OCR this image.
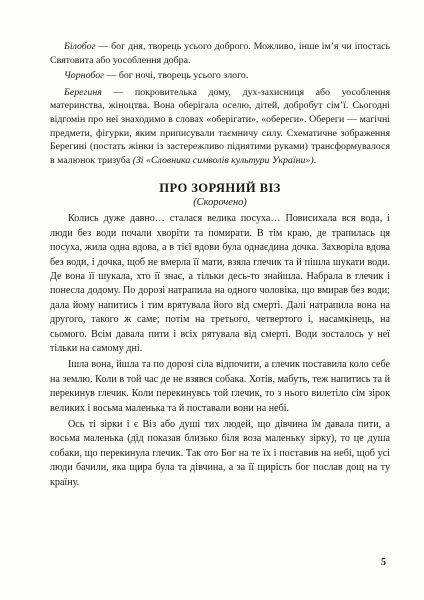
Білобог — бог дня, творець усього доброго. Можливо, інше ім’я чи іпостась Святовита або уособлення добра.

Чорнобог — бог ночі, творець усього злого.

Берегиня — покровителька дому, дух-захисниця або уособлення материнства, жіноцтва. Вона оберігала оселю, дітей, добробут сім’ї. Сьогодні відгомін про неї знаходимо в словах «оберігати», «обереги». Обереги — магічні предмети, фігурки, яким приписували таємничу силу. Схематичне зображення Берегині (постать жінки із застережливо піднятими руками) трансформувалося в малюнок тризуба (Зі «Словника символів культури України»).

ПРО ЗОРЯНИЙ ВІЗ
(Скорочено)

Колись дуже давно… сталася велика посуха… Повисихала вся вода, і люди без води почали хворіти та помирати. В тім краю, де трапилась ця посуха, жила одна вдова, а в тієї вдови була однаєдина дочка. Захворіла вдова без води, і дочка, щоб не вмерла її мати, взяла глечик та й пішла шукати води. Де вона її шукала, хто її знає, а тільки десь-то знайшла. Набрала в глечик і понесла додому. По дорозі натрапила на одного чоловіка, що вмирав без води; дала йому напитись і тим врятувала його від смерті. Далі натрапила вона на другого, такого ж саме; потім на третього, четвертого і, насамкінець, на сьомого. Всім давала пити і всіх рятувала від смерті. Води зосталось у неї тільки на самому дні.

Ішла вона, йшла та по дорозі сіла відпочити, а глечик поставила коло себе на землю. Коли в той час де не взявся собака. Хотів, мабуть, теж напитись та й перекинув глечик. Коли перекинувсь той глечик, то з нього вилетіло сім зірок великих і восьма маленька та й поставали вони на небі.

Ось ті зірки і є Віз або душі тих людей, що дівчина їм давала пити, а восьма маленька (дід показав близько біля воза маленьку зірку), то це душа собаки, що перекинула глечик. Так ото Бог на те їх і поставив на небі, щоб усі люди бачили, яка щира була та дівчина, а за її щирість бог послав дощ на ту країну.

5
